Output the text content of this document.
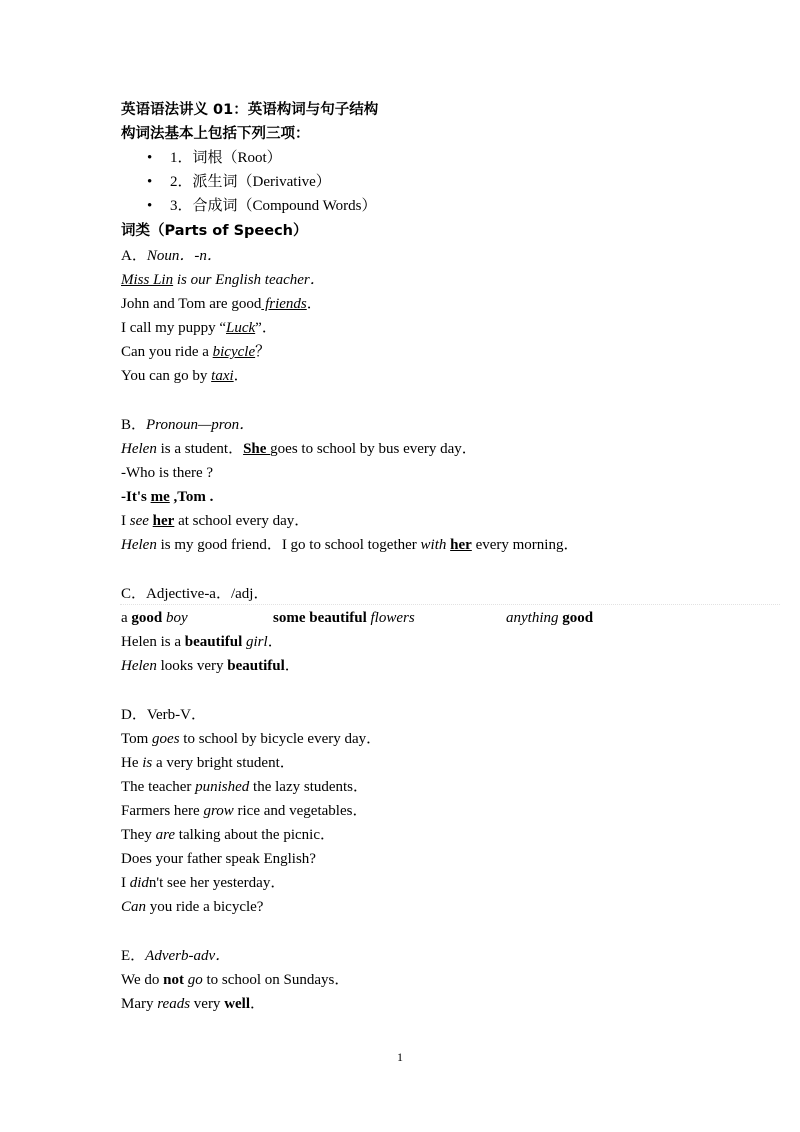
英语语法讲义 01：英语构词与句子结构
构词法基本上包括下列三项：
• 1．词根（Root）
• 2．派生词（Derivative）
• 3．合成词（Compound Words）
词类（Parts of Speech）
A．Noun．-n．
Miss Lin is our English teacher．
John and Tom are good friends．
I call my puppy “Luck”．
Can you ride a bicycle？
You can go by taxi．
B．Pronoun—pron．
Helen is a student．She goes to school by bus every day．
-Who is there ?
-It's me ,Tom .
I see her at school every day．
Helen is my good friend．I go to school together with her every morning．
C．Adjective-a．/adj．
a good boy	some beautiful flowers	anything good
Helen is a beautiful girl．
Helen looks very beautiful．
D．Verb-V．
Tom goes to school by bicycle every day．
He is a very bright student．
The teacher punished the lazy students．
Farmers here grow rice and vegetables．
They are talking about the picnic．
Does your father speak English?
I didn't see her yesterday．
Can you ride a bicycle?
E．Adverb-adv．
We do not go to school on Sundays．
Mary reads very well．
1
